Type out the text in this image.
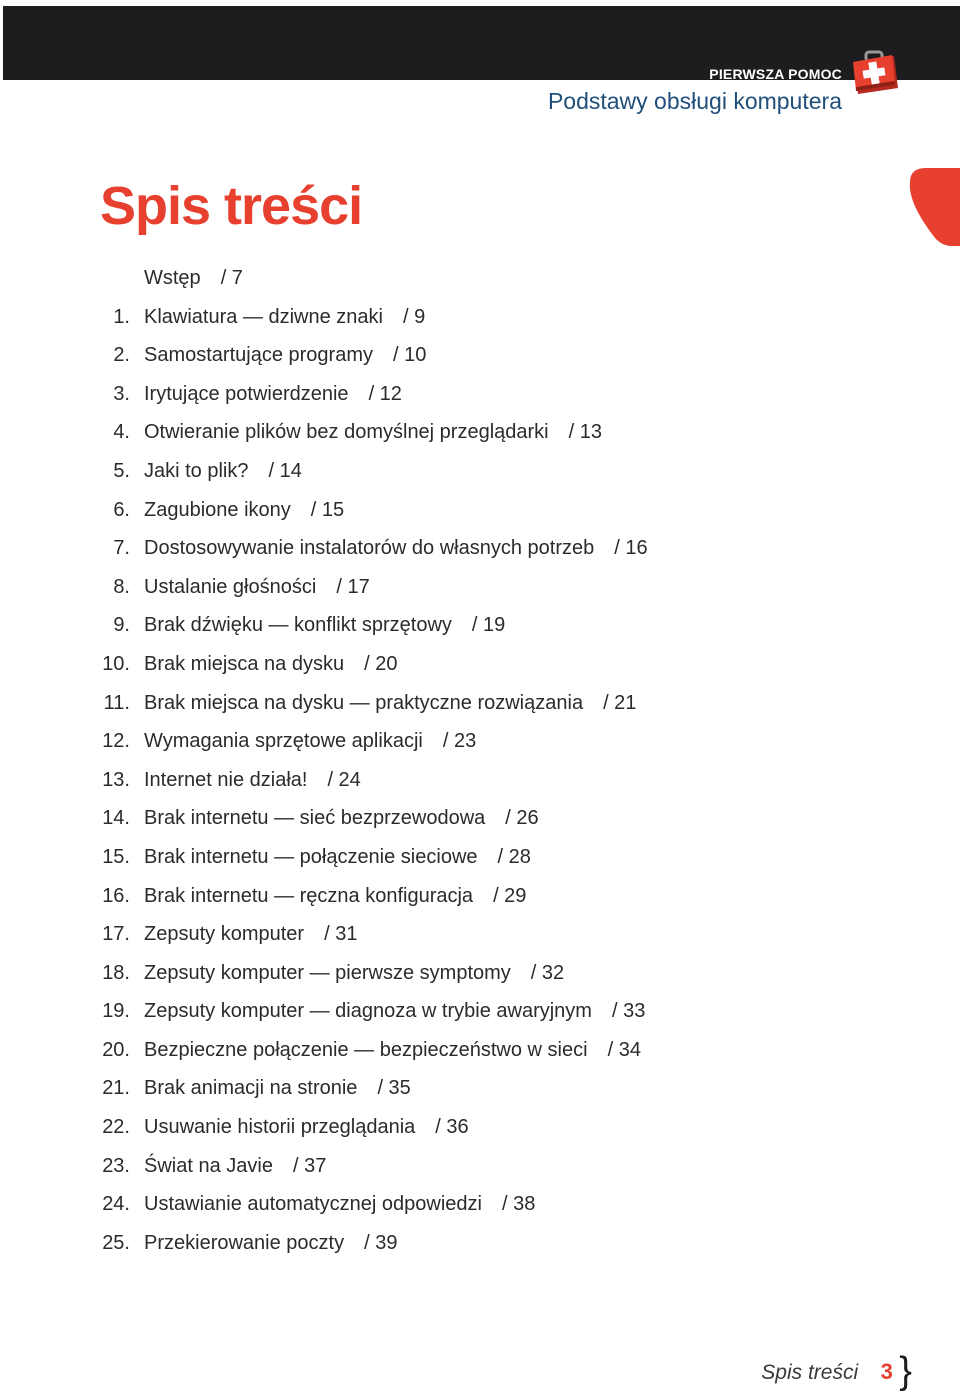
PIERWSZA POMOC
Podstawy obsługi komputera
Spis treści
Wstęp / 7
1. Klawiatura — dziwne znaki / 9
2. Samostartujące programy / 10
3. Irytujące potwierdzenie / 12
4. Otwieranie plików bez domyślnej przeglądarki / 13
5. Jaki to plik? / 14
6. Zagubione ikony / 15
7. Dostosowywanie instalatorów do własnych potrzeb / 16
8. Ustalanie głośności / 17
9. Brak dźwięku — konflikt sprzętowy / 19
10. Brak miejsca na dysku / 20
11. Brak miejsca na dysku — praktyczne rozwiązania / 21
12. Wymagania sprzętowe aplikacji / 23
13. Internet nie działa! / 24
14. Brak internetu — sieć bezprzewodowa / 26
15. Brak internetu — połączenie sieciowe / 28
16. Brak internetu — ręczna konfiguracja / 29
17. Zepsuty komputer / 31
18. Zepsuty komputer — pierwsze symptomy / 32
19. Zepsuty komputer — diagnoza w trybie awaryjnym / 33
20. Bezpieczne połączenie — bezpieczeństwo w sieci / 34
21. Brak animacji na stronie / 35
22. Usuwanie historii przeglądania / 36
23. Świat na Javie / 37
24. Ustawianie automatycznej odpowiedzi / 38
25. Przekierowanie poczty / 39
Spis treści 3 }
